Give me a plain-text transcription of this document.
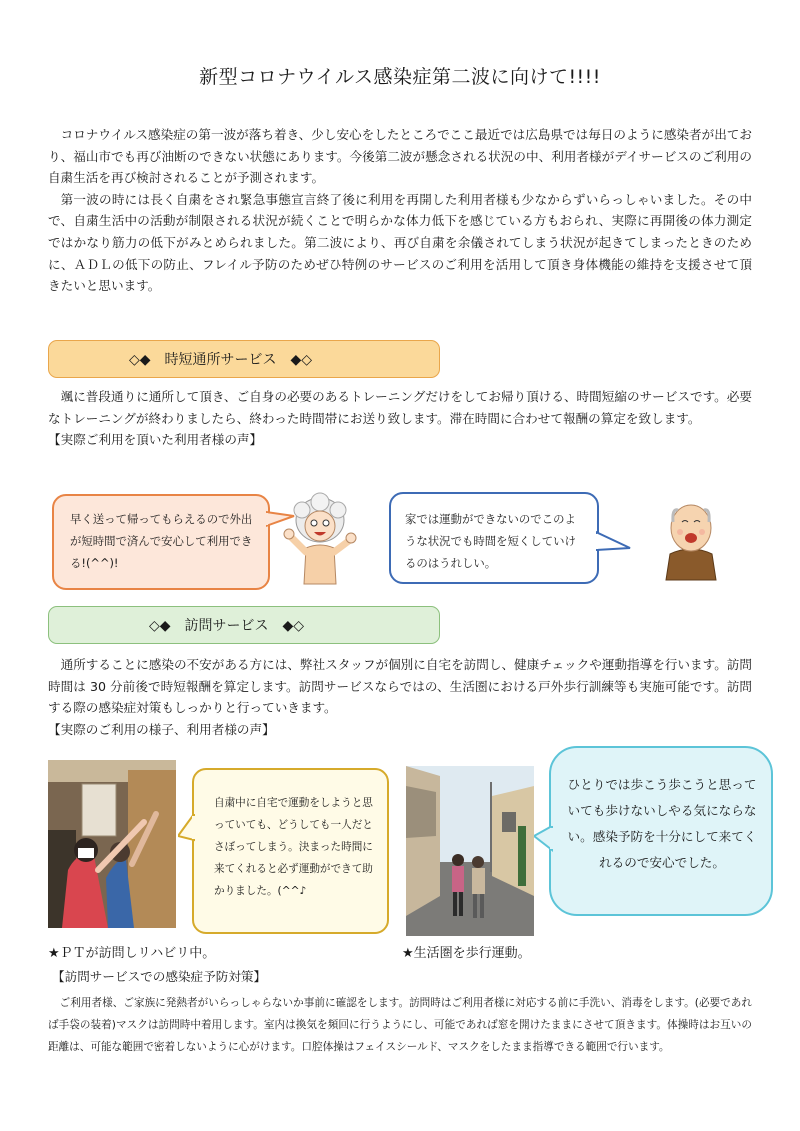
新型コロナウイルス感染症第二波に向けて!!!!

コロナウイルス感染症の第一波が落ち着き、少し安心をしたところでここ最近では広島県では毎日のように感染者が出ており、福山市でも再び油断のできない状態にあります。今後第二波が懸念される状況の中、利用者様がデイサービスのご利用の自粛生活を再び検討されることが予測されます。

第一波の時には長く自粛をされ緊急事態宣言終了後に利用を再開した利用者様も少なからずいらっしゃいました。その中で、自粛生活中の活動が制限される状況が続くことで明らかな体力低下を感じている方もおられ、実際に再開後の体力測定ではかなり筋力の低下がみとめられました。第二波により、再び自粛を余儀されてしまう状況が起きてしまったときのために、ＡＤＬの低下の防止、フレイル予防のためぜひ特例のサービスのご利用を活用して頂き身体機能の維持を支援させて頂きたいと思います。

◇◆　時短通所サービス　◆◇

颯に普段通りに通所して頂き、ご自身の必要のあるトレーニングだけをしてお帰り頂ける、時間短縮のサービスです。必要なトレーニングが終わりましたら、終わった時間帯にお送り致します。滞在時間に合わせて報酬の算定を致します。

【実際ご利用を頂いた利用者様の声】
早く送って帰ってもらえるので外出が短時間で済んで安心して利用できる!(^^)!
家では運動ができないのでこのような状況でも時間を短くしていけるのはうれしい。
◇◆　訪問サービス　◆◇

通所することに感染の不安がある方には、弊社スタッフが個別に自宅を訪問し、健康チェックや運動指導を行います。訪問時間は 30 分前後で時短報酬を算定します。訪問サービスならではの、生活圏における戸外歩行訓練等も実施可能です。訪問する際の感染症対策もしっかりと行っていきます。

【実際のご利用の様子、利用者様の声】
自粛中に自宅で運動をしようと思っていても、どうしても一人だとさぼってしまう。決まった時間に来てくれると必ず運動ができて助かりました。(^^♪
ひとりでは歩こう歩こうと思っていても歩けないしやる気にならない。感染予防を十分にして来てくれるので安心でした。
★ＰＴが訪問しリハビリ中。	★生活圏を歩行運動。
【訪問サービスでの感染症予防対策】

ご利用者様、ご家族に発熱者がいらっしゃらないか事前に確認をします。訪問時はご利用者様に対応する前に手洗い、消毒をします。(必要であれば手袋の装着)マスクは訪問時中着用します。室内は換気を頻回に行うようにし、可能であれば窓を開けたままにさせて頂きます。体操時はお互いの距離は、可能な範囲で密着しないように心がけます。口腔体操はフェイスシールド、マスクをしたまま指導できる範囲で行います。
